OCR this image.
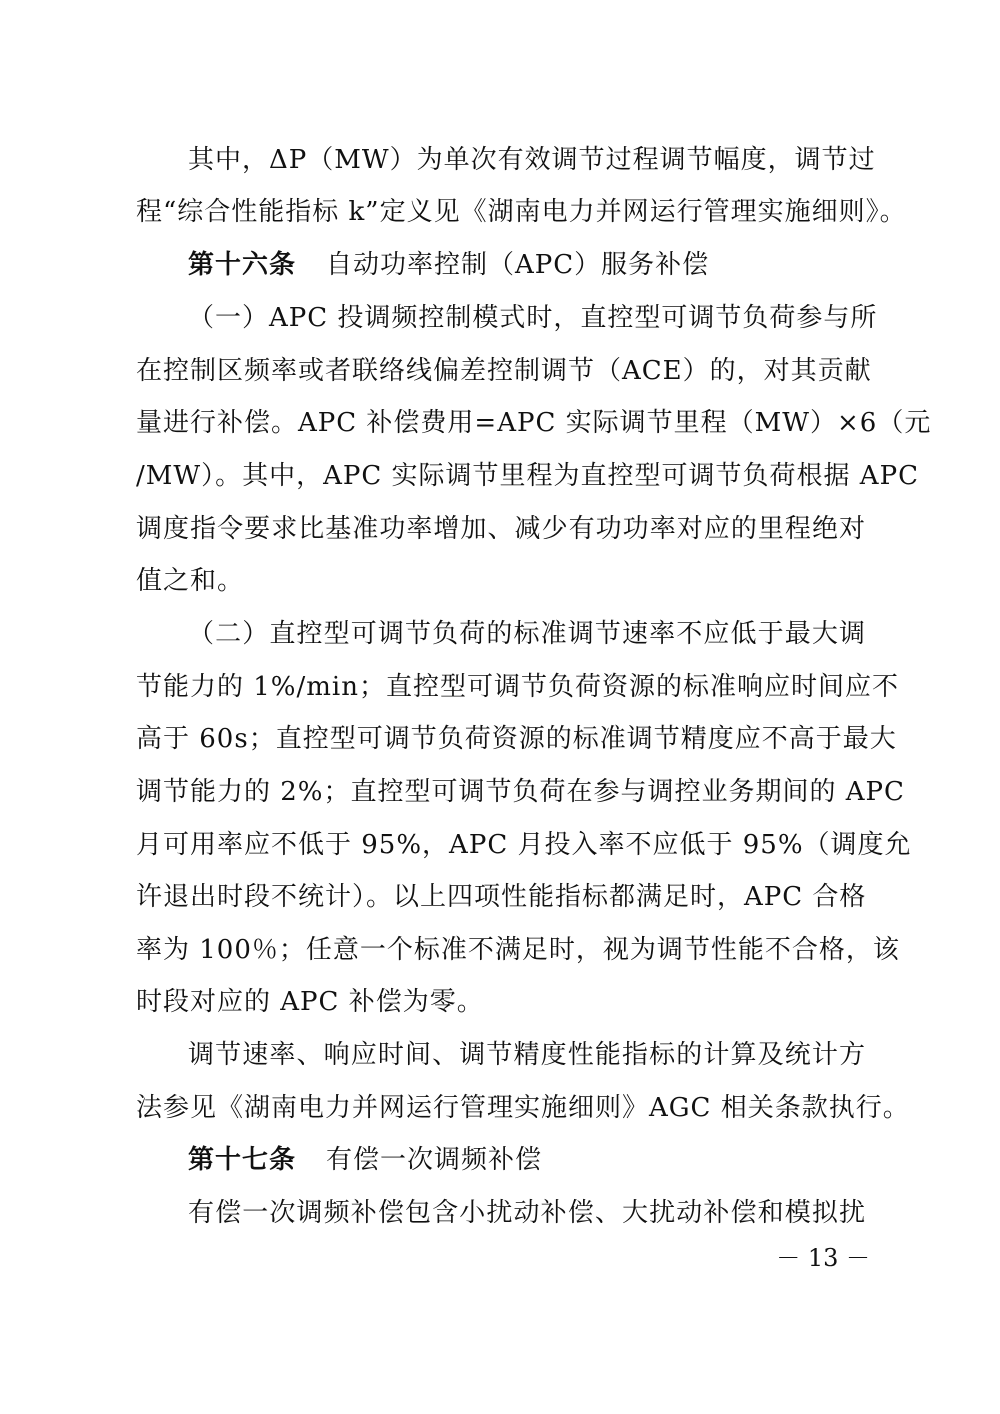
其中，ΔP（MW）为单次有效调节过程调节幅度，调节过
程“综合性能指标 k”定义见《湖南电力并网运行管理实施细则》。
第十六条 自动功率控制（APC）服务补偿
（一）APC 投调频控制模式时，直控型可调节负荷参与所
在控制区频率或者联络线偏差控制调节（ACE）的，对其贡献
量进行补偿。APC 补偿费用=APC 实际调节里程（MW）×6（元
/MW）。其中，APC 实际调节里程为直控型可调节负荷根据 APC
调度指令要求比基准功率增加、减少有功功率对应的里程绝对
值之和。
（二）直控型可调节负荷的标准调节速率不应低于最大调
节能力的 1%/min；直控型可调节负荷资源的标准响应时间应不
高于 60s；直控型可调节负荷资源的标准调节精度应不高于最大
调节能力的 2%；直控型可调节负荷在参与调控业务期间的 APC
月可用率应不低于 95%，APC 月投入率不应低于 95%（调度允
许退出时段不统计）。以上四项性能指标都满足时，APC 合格
率为 100％；任意一个标准不满足时，视为调节性能不合格，该
时段对应的 APC 补偿为零。
调节速率、响应时间、调节精度性能指标的计算及统计方
法参见《湖南电力并网运行管理实施细则》AGC 相关条款执行。
第十七条 有偿一次调频补偿
有偿一次调频补偿包含小扰动补偿、大扰动补偿和模拟扰
－ 13 －
